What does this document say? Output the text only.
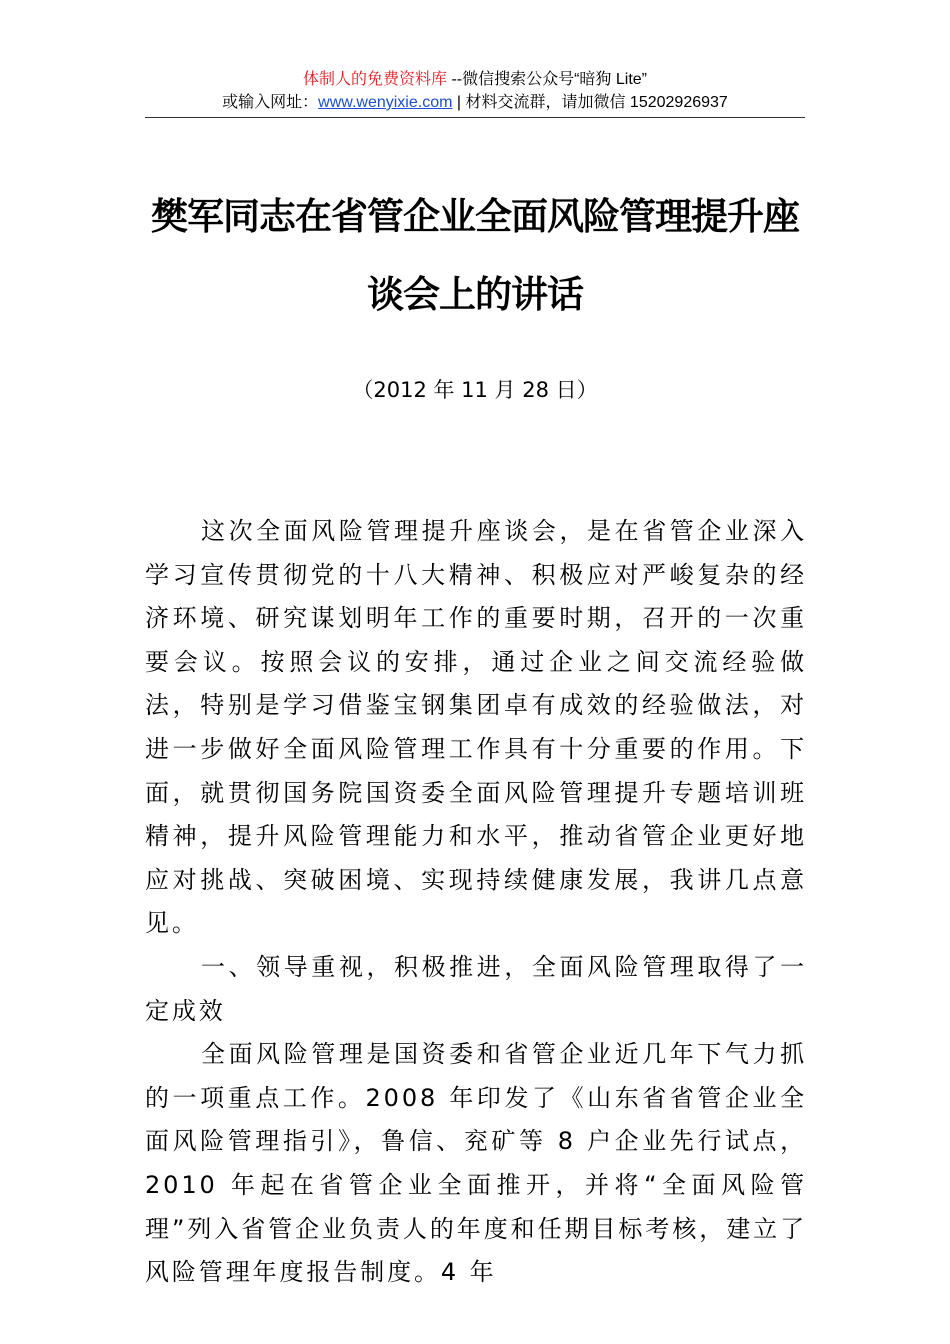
体制人的免费资料库 --微信搜索公众号“暗狗 Lite”
或输入网址：www.wenyixie.com | 材料交流群，请加微信 15202926937
樊军同志在省管企业全面风险管理提升座
谈会上的讲话
（2012 年 11 月 28 日）

这次全面风险管理提升座谈会，是在省管企业深入学习宣传贯彻党的十八大精神、积极应对严峻复杂的经济环境、研究谋划明年工作的重要时期，召开的一次重要会议。按照会议的安排，通过企业之间交流经验做法，特别是学习借鉴宝钢集团卓有成效的经验做法，对进一步做好全面风险管理工作具有十分重要的作用。下面，就贯彻国务院国资委全面风险管理提升专题培训班精神，提升风险管理能力和水平，推动省管企业更好地应对挑战、突破困境、实现持续健康发展，我讲几点意见。

一、领导重视，积极推进，全面风险管理取得了一定成效

全面风险管理是国资委和省管企业近几年下气力抓的一项重点工作。2008 年印发了《山东省省管企业全面风险管理指引》，鲁信、兖矿等 8 户企业先行试点，2010 年起在省管企业全面推开，并将“全面风险管理”列入省管企业负责人的年度和任期目标考核，建立了风险管理年度报告制度。4 年
